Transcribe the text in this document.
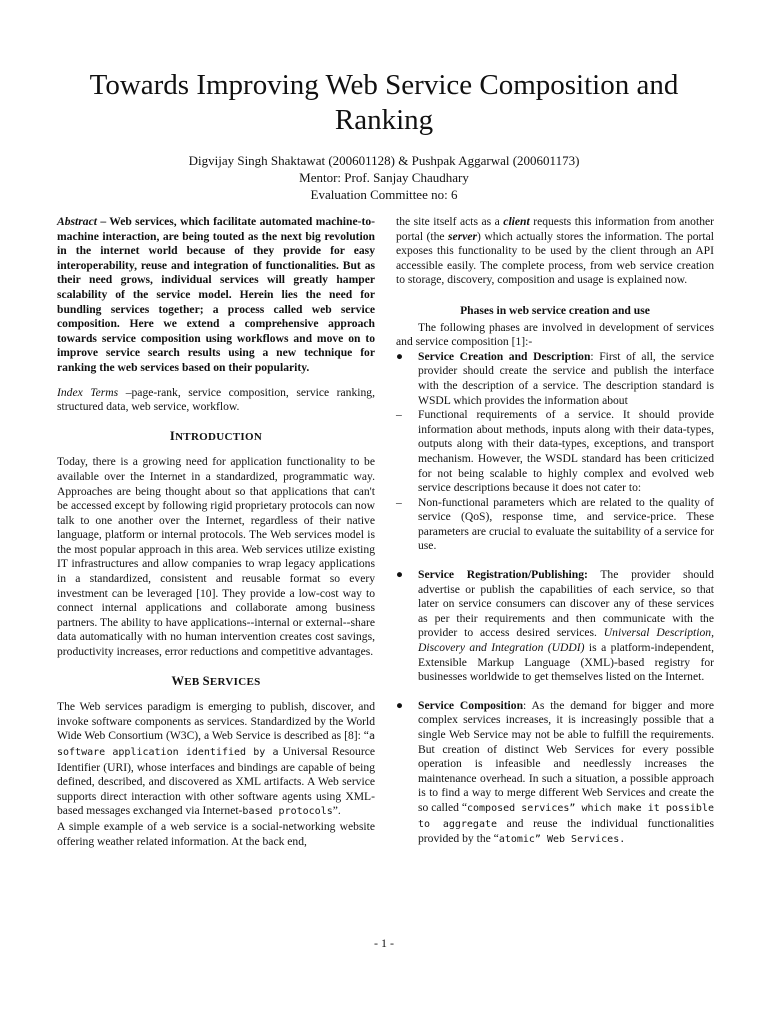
Towards Improving Web Service Composition and Ranking
Digvijay Singh Shaktawat (200601128) & Pushpak Aggarwal (200601173)
Mentor: Prof. Sanjay Chaudhary
Evaluation Committee no: 6

Abstract – Web services, which facilitate automated machine-to-machine interaction, are being touted as the next big revolution in the internet world because of they provide for easy interoperability, reuse and integration of functionalities. But as their need grows, individual services will greatly hamper scalability of the service model. Herein lies the need for bundling services together; a process called web service composition. Here we extend a comprehensive approach towards service composition using workflows and move on to improve service search results using a new technique for ranking the web services based on their popularity.

Index Terms –page-rank, service composition, service ranking, structured data, web service, workflow.

INTRODUCTION

Today, there is a growing need for application functionality to be available over the Internet in a standardized, programmatic way. Approaches are being thought about so that applications that can't be accessed except by following rigid proprietary protocols can now talk to one another over the Internet, regardless of their native language, platform or internal protocols. The Web services model is the most popular approach in this area. Web services utilize existing IT infrastructures and allow companies to wrap legacy applications in a standardized, consistent and reusable format so every investment can be leveraged [10]. They provide a low-cost way to connect internal applications and collaborate among business partners. The ability to have applications--internal or external--share data automatically with no human intervention creates cost savings, productivity increases, error reductions and competitive advantages.

WEB SERVICES

The Web services paradigm is emerging to publish, discover, and invoke software components as services. Standardized by the World Wide Web Consortium (W3C), a Web Service is described as [8]: “a software application identified by a Universal Resource Identifier (URI), whose interfaces and bindings are capable of being defined, described, and discovered as XML artifacts. A Web service supports direct interaction with other software agents using XML-based messages exchanged via Internet-based protocols”.

A simple example of a web service is a social-networking website offering weather related information. At the back end,

the site itself acts as a client requests this information from another portal (the server) which actually stores the information. The portal exposes this functionality to be used by the client through an API accessible easily. The complete process, from web service creation to storage, discovery, composition and usage is explained now.

Phases in web service creation and use

The following phases are involved in development of services and service composition [1]:-

●	Service Creation and Description: First of all, the service provider should create the service and publish the interface with the description of a service. The description standard is WSDL which provides the information about
–	Functional requirements of a service. It should provide information about methods, inputs along with their data-types, outputs along with their data-types, exceptions, and transport mechanism. However, the WSDL standard has been criticized for not being scalable to highly complex and evolved web service descriptions because it does not cater to:
–	Non-functional parameters which are related to the quality of service (QoS), response time, and service-price. These parameters are crucial to evaluate the suitability of a service for use.
●	Service Registration/Publishing: The provider should advertise or publish the capabilities of each service, so that later on service consumers can discover any of these services as per their requirements and then communicate with the provider to access desired services. Universal Description, Discovery and Integration (UDDI) is a platform-independent, Extensible Markup Language (XML)-based registry for businesses worldwide to get themselves listed on the Internet.
●	Service Composition: As the demand for bigger and more complex services increases, it is increasingly possible that a single Web Service may not be able to fulfill the requirements. But creation of distinct Web Services for every possible operation is infeasible and needlessly increases the maintenance overhead. In such a situation, a possible approach is to find a way to merge different Web Services and create the so called “composed services” which make it possible to aggregate and reuse the individual functionalities provided by the “atomic” Web Services.
- 1 -
